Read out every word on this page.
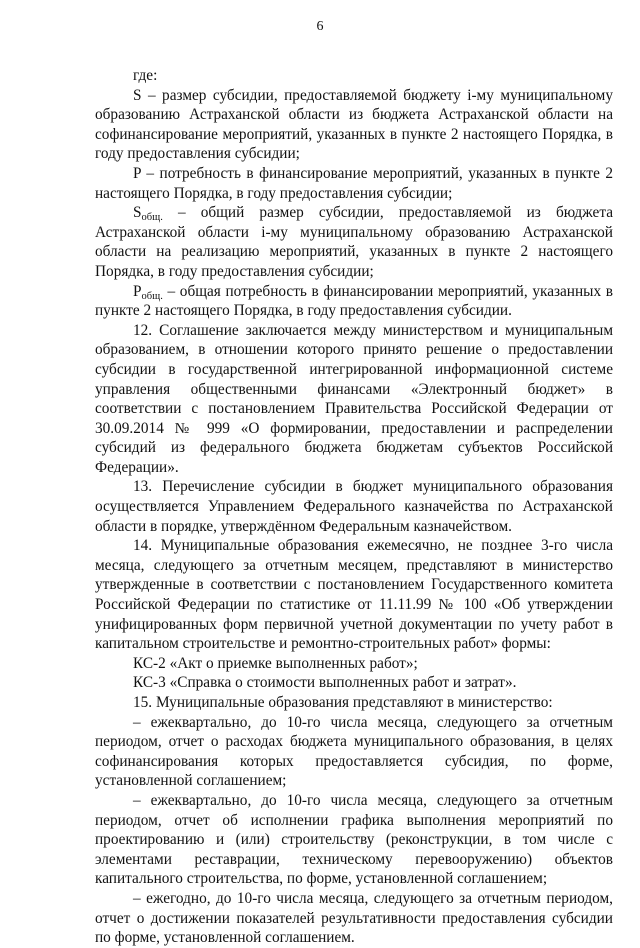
6

где:

S – размер субсидии, предоставляемой бюджету i-му муниципальному образованию Астраханской области из бюджета Астраханской области на софинансирование мероприятий, указанных в пункте 2 настоящего Порядка, в году предоставления субсидии;

P – потребность в финансирование мероприятий, указанных в пункте 2 настоящего Порядка, в году предоставления субсидии;

$S_{общ.}$ – общий размер субсидии, предоставляемой из бюджета Астраханской области i-му муниципальному образованию Астраханской области на реализацию мероприятий, указанных в пункте 2 настоящего Порядка, в году предоставления субсидии;

$P_{общ.}$ – общая потребность в финансировании мероприятий, указанных в пункте 2 настоящего Порядка, в году предоставления субсидии.

12. Соглашение заключается между министерством и муниципальным образованием, в отношении которого принято решение о предоставлении субсидии в государственной интегрированной информационной системе управления общественными финансами «Электронный бюджет» в соответствии с постановлением Правительства Российской Федерации от 30.09.2014 № 999 «О формировании, предоставлении и распределении субсидий из федерального бюджета бюджетам субъектов Российской Федерации».

13. Перечисление субсидии в бюджет муниципального образования осуществляется Управлением Федерального казначейства по Астраханской области в порядке, утверждённом Федеральным казначейством.

14. Муниципальные образования ежемесячно, не позднее 3-го числа месяца, следующего за отчетным месяцем, представляют в министерство утвержденные в соответствии с постановлением Государственного комитета Российской Федерации по статистике от 11.11.99 № 100 «Об утверждении унифицированных форм первичной учетной документации по учету работ в капитальном строительстве и ремонтно-строительных работ» формы:

КС-2 «Акт о приемке выполненных работ»;

КС-3 «Справка о стоимости выполненных работ и затрат».

15. Муниципальные образования представляют в министерство:

– ежеквартально, до 10-го числа месяца, следующего за отчетным периодом, отчет о расходах бюджета муниципального образования, в целях софинансирования которых предоставляется субсидия, по форме, установленной соглашением;

– ежеквартально, до 10-го числа месяца, следующего за отчетным периодом, отчет об исполнении графика выполнения мероприятий по проектированию и (или) строительству (реконструкции, в том числе с элементами реставрации, техническому перевооружению) объектов капитального строительства, по форме, установленной соглашением;

– ежегодно, до 10-го числа месяца, следующего за отчетным периодом, отчет о достижении показателей результативности предоставления субсидии по форме, установленной соглашением.
